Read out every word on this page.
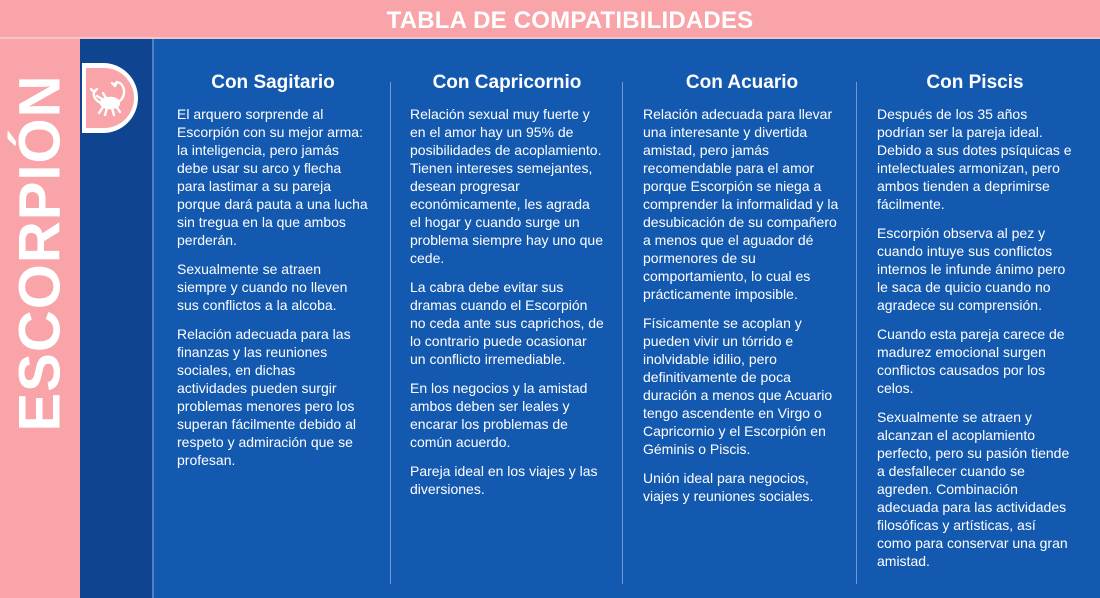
TABLA DE COMPATIBILIDADES
ESCORPIÓN	Con Sagitario

El arquero sorprende al Escorpión con su mejor arma: la inteligencia, pero jamás debe usar su arco y flecha para lastimar a su pareja porque dará pauta a una lucha sin tregua en la que ambos perderán.

Sexualmente se atraen siempre y cuando no lleven sus conflictos a la alcoba.

Relación adecuada para las finanzas y las reuniones sociales, en dichas actividades pueden surgir problemas menores pero los superan fácilmente debido al respeto y admiración que se profesan.

Con Capricornio

Relación sexual muy fuerte y en el amor hay un 95% de posibilidades de acoplamiento. Tienen intereses semejantes, desean progresar económicamente, les agrada el hogar y cuando surge un problema siempre hay uno que cede.

La cabra debe evitar sus dramas cuando el Escorpión no ceda ante sus caprichos, de lo contrario puede ocasionar un conflicto irremediable.

En los negocios y la amistad ambos deben ser leales y encarar los problemas de común acuerdo.

Pareja ideal en los viajes y las diversiones.

Con Acuario

Relación adecuada para llevar una interesante y divertida amistad, pero jamás recomendable para el amor porque Escorpión se niega a comprender la informalidad y la desubicación de su compañero a menos que el aguador dé pormenores de su comportamiento, lo cual es prácticamente imposible.

Físicamente se acoplan y pueden vivir un tórrido e inolvidable idilio, pero definitivamente de poca duración a menos que Acuario tengo ascendente en Virgo o Capricornio y el Escorpión en Géminis o Piscis.

Unión ideal para negocios, viajes y reuniones sociales.

Con Piscis

Después de los 35 años podrían ser la pareja ideal. Debido a sus dotes psíquicas e intelectuales armonizan, pero ambos tienden a deprimirse fácilmente.

Escorpión observa al pez y cuando intuye sus conflictos internos le infunde ánimo pero le saca de quicio cuando no agradece su comprensión.

Cuando esta pareja carece de madurez emocional surgen conflictos causados por los celos.

Sexualmente se atraen y alcanzan el acoplamiento perfecto, pero su pasión tiende a desfallecer cuando se agreden. Combinación adecuada para las actividades filosóficas y artísticas, así como para conservar una gran amistad.
